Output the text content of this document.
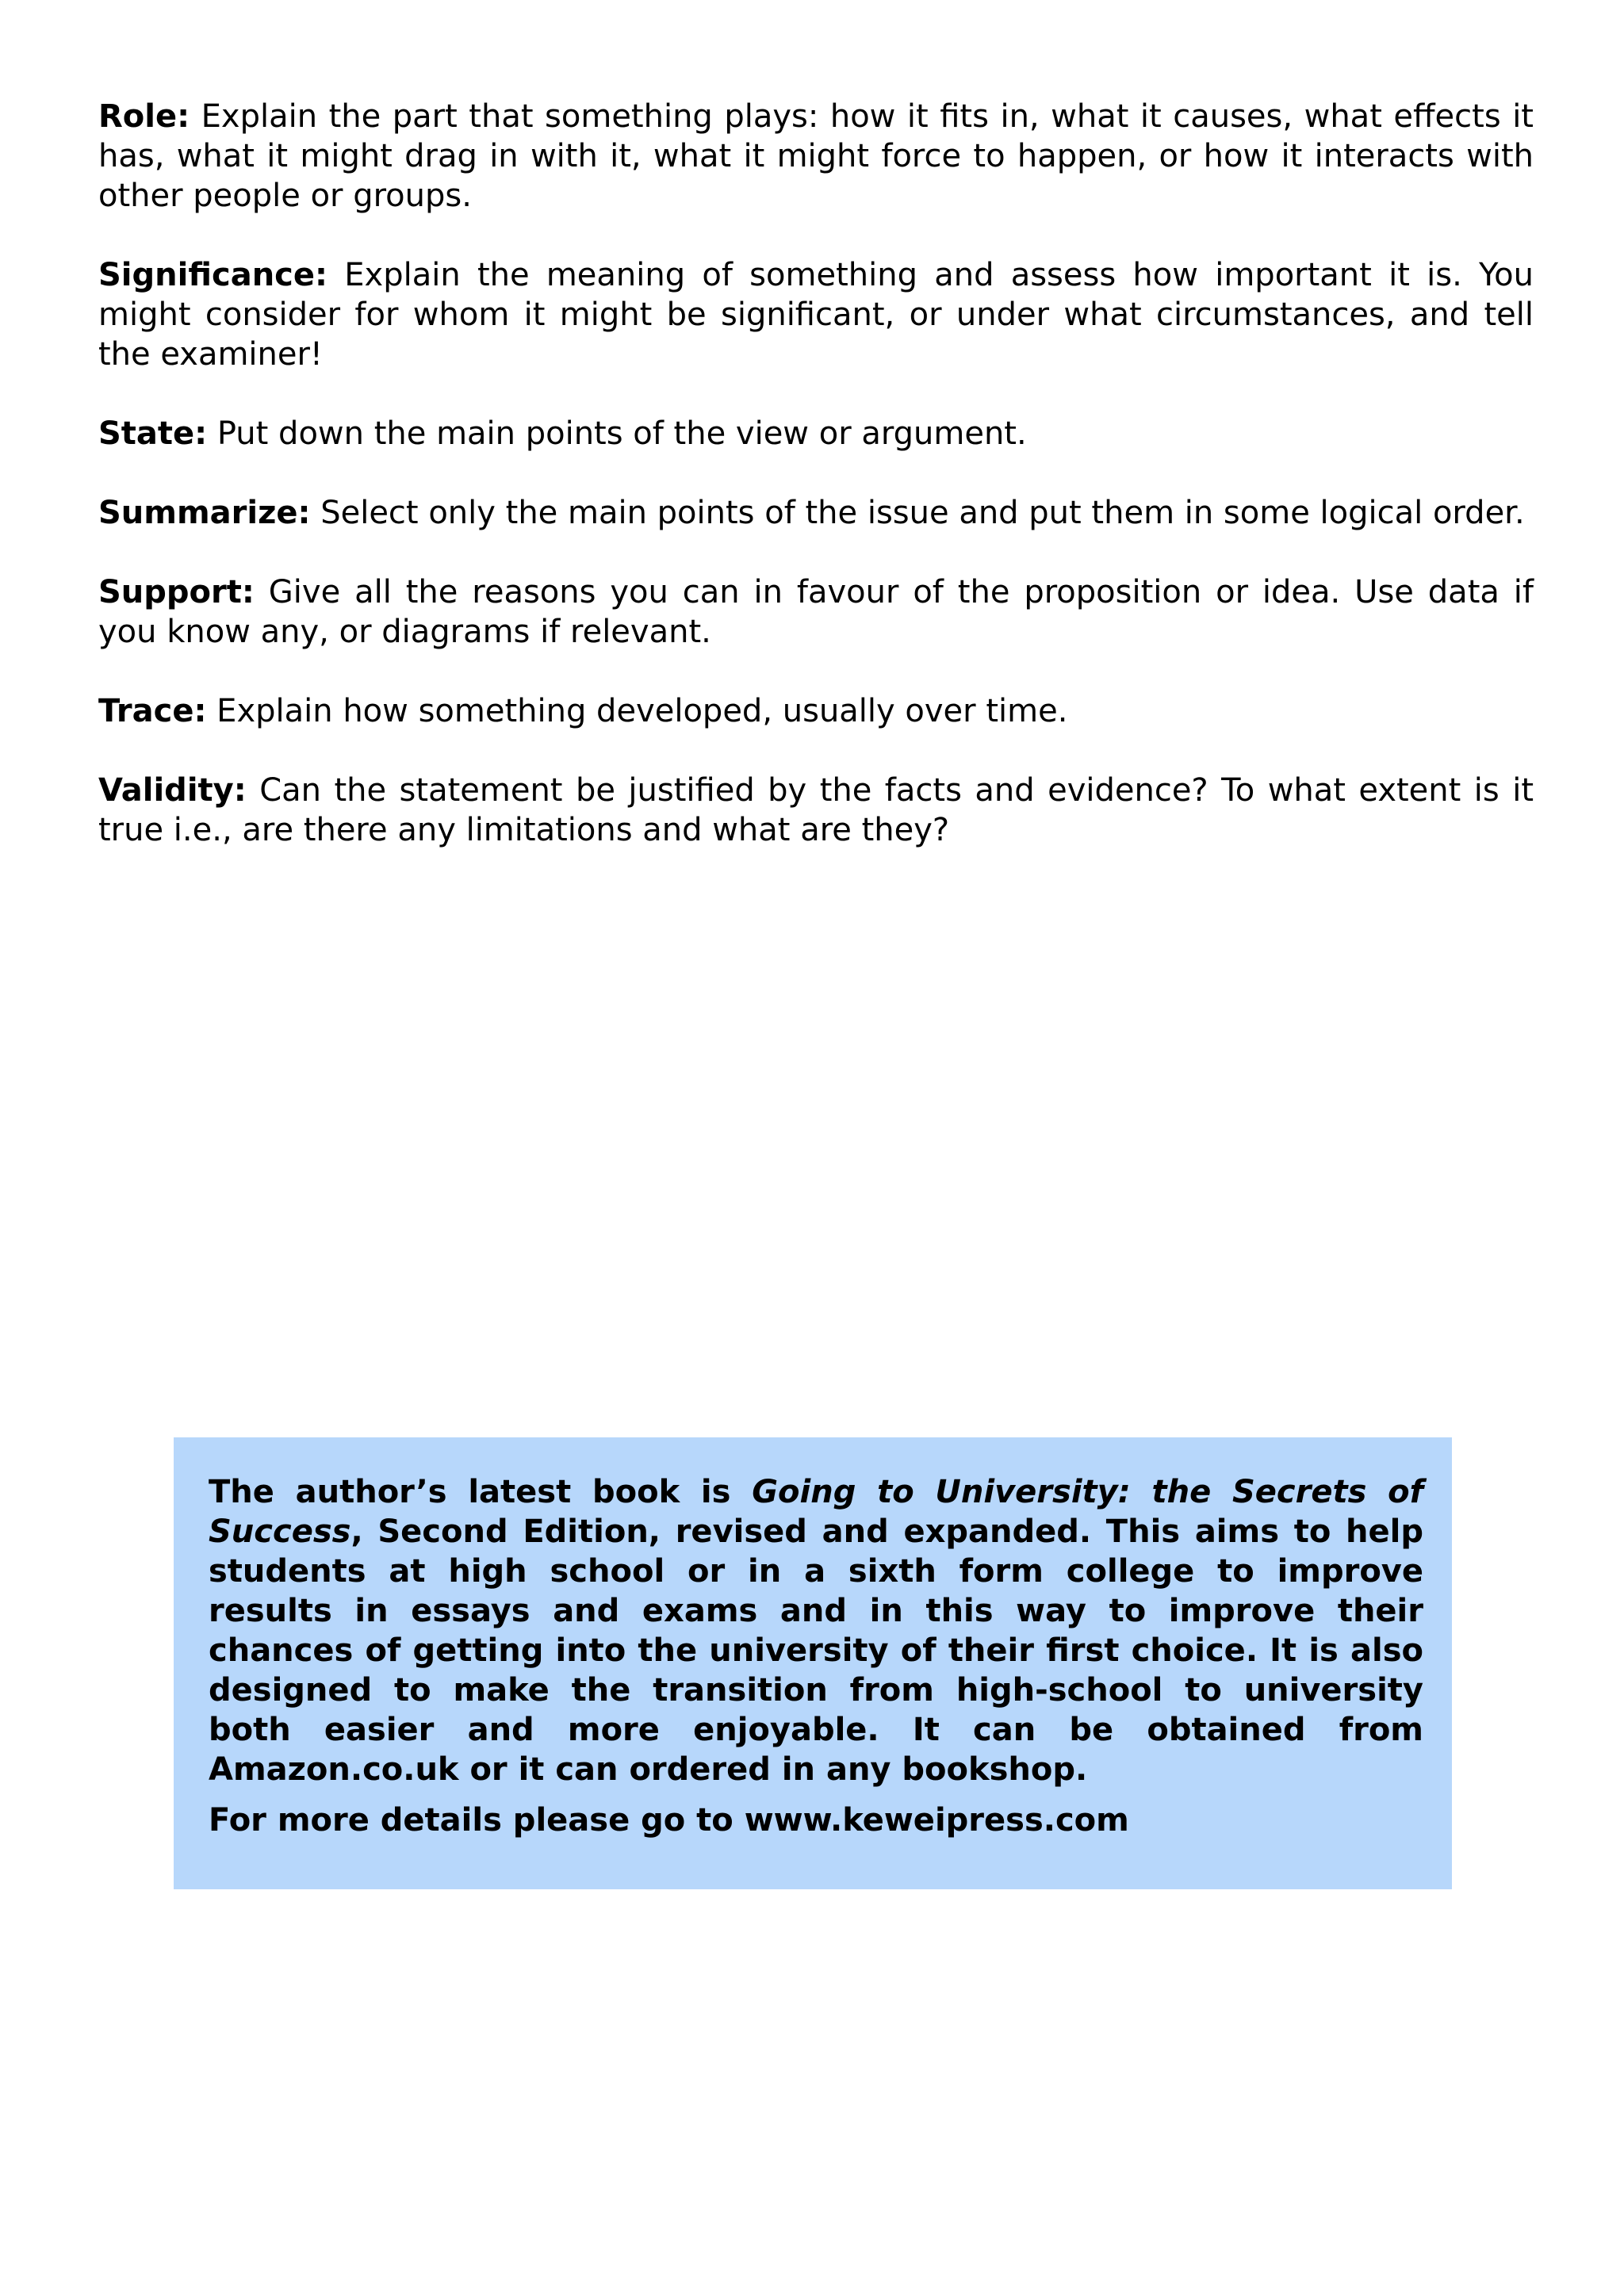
Role: Explain the part that something plays: how it fits in, what it causes, what effects it has, what it might drag in with it, what it might force to happen, or how it interacts with other people or groups.

Significance: Explain the meaning of something and assess how important it is. You might consider for whom it might be significant, or under what circumstances, and tell the examiner!

State: Put down the main points of the view or argument.

Summarize: Select only the main points of the issue and put them in some logical order.

Support: Give all the reasons you can in favour of the proposition or idea. Use data if you know any, or diagrams if relevant.

Trace: Explain how something developed, usually over time.

Validity: Can the statement be justified by the facts and evidence? To what extent is it true i.e., are there any limitations and what are they?

The author’s latest book is Going to University: the Secrets of Success, Second Edition, revised and expanded. This aims to help students at high school or in a sixth form college to improve results in essays and exams and in this way to improve their chances of getting into the university of their first choice. It is also designed to make the transition from high-school to university both easier and more enjoyable. It can be obtained from Amazon.co.uk or it can ordered in any bookshop.

For more details please go to www.keweipress.com
